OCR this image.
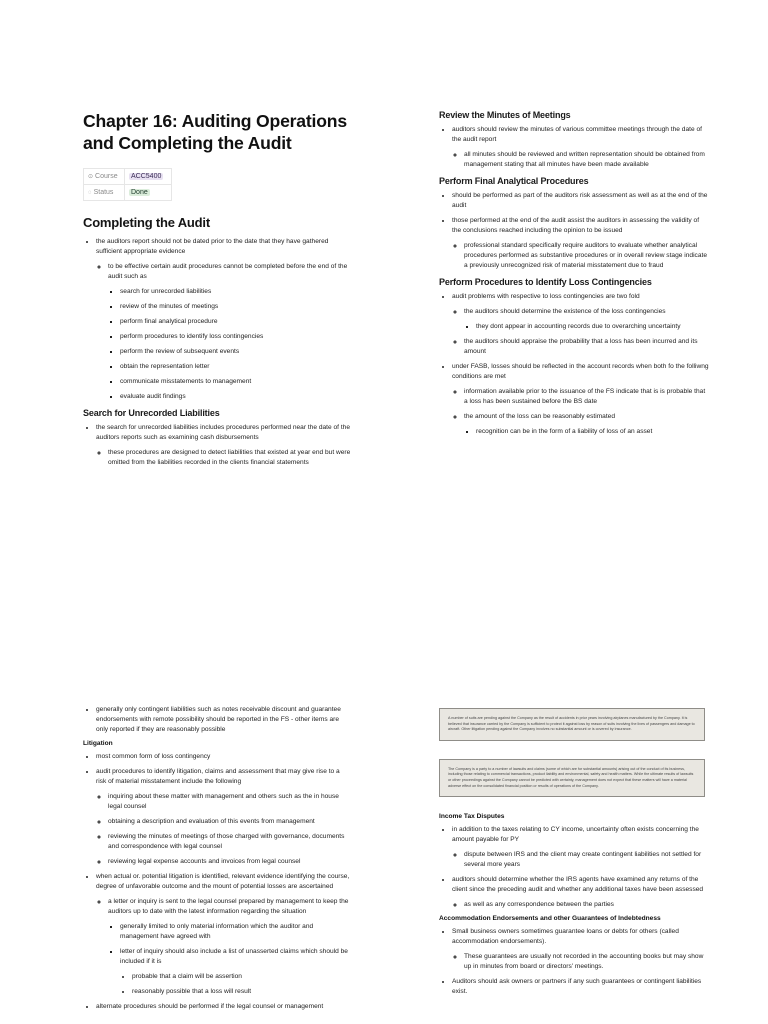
Chapter 16: Auditing Operations and Completing the Audit
⊙ Course	ACC5400
◌ Status	Done
Completing the Audit
• the auditors report should not be dated prior to the date that they have gathered sufficient appropriate evidence
◦ to be effective certain audit procedures cannot be completed before the end of the audit such as
▪ search for unrecorded liabilities
▪ review of the minutes of meetings
▪ perform final analytical procedure
▪ perform procedures to identify loss contingencies
▪ perform the review of subsequent events
▪ obtain the representation letter
▪ communicate misstatements to management
▪ evaluate audit findings
Search for Unrecorded Liabilities
• the search for unrecorded liabilities includes procedures performed near the date of the auditors reports such as examining cash disbursements
◦ these procedures are designed to detect liabilities that existed at year end but were omitted from the liabilities recorded in the clients financial statements
Review the Minutes of Meetings
• auditors should review the minutes of various committee meetings through the date of the audit report
◦ all minutes should be reviewed and written representation should be obtained from management stating that all minutes have been made available
Perform Final Analytical Procedures
• should be performed as part of the auditors risk assessment as well as at the end of the audit
• those performed at the end of the audit assist the auditors in assessing the validity of the conclusions reached including the opinion to be issued
◦ professional standard specifically require auditors to evaluate whether analytical procedures performed as substantive procedures or in overall review stage indicate a previously unrecognized risk of material misstatement due to fraud
Perform Procedures to Identify Loss Contingencies
• audit problems with respective to loss contingencies are two fold
◦ the auditors should determine the existence of the loss contingencies
▪ they dont appear in accounting records due to overarching uncertainty
◦ the auditors should appraise the probability that a loss has been incurred and its amount
• under FASB, losses should be reflected in the account records when both fo the folliwng conditions are met
◦ information available prior to the issuance of the FS indicate that is is probable that a loss has been sustained before the BS date
◦ the amount of the loss can be reasonably estimated
▪ recognition can be in the form of a liability of loss of an asset
• generally only contingent liabilities such as notes receivable discount and guarantee endorsements with remote possibility should be reported in the FS - other items are only reported if they are reasonably possible
Litigation
• most common form of loss contingency
• audit procedures to identify litigation, claims and assessment that may give rise to a risk of material misstatement include the following
◦ inquiring about these matter with management and others such as the in house legal counsel
◦ obtaining a description and evaluation of this events from management
◦ reviewing the minutes of meetings of those charged with governance, documents and correspondence with legal counsel
◦ reviewing legal expense accounts and invoices from legal counsel
• when actual or. potential litigation is identified, relevant evidence identifying the course, degree of unfavorable outcome and the mount of potential losses are ascertained
◦ a letter or inquiry is sent to the legal counsel prepared by management to keep the auditors up to date with the latest information regarding the situation
▪ generally limited to only material information which the auditor and management have agreed with
▪ letter of inquiry should also include a list of unasserted claims which should be included if it is
• probable that a claim will be assertion
• reasonably possible that a loss will result
• alternate procedures should be performed if the legal counsel or management
A number of suits are pending against the Company as the result of accidents in prior years involving airplanes manufactured by the Company. It is believed that insurance carried by the Company is sufficient to protect it against loss by reason of suits involving the lives of passengers and damage to aircraft. Other litigation pending against the Company involves no substantial amount or is covered by insurance.
The Company is a party to a number of lawsuits and claims (some of which are for substantial amounts) arising out of the conduct of its business, including those relating to commercial transactions, product liability and environmental, safety and health matters. While the ultimate results of lawsuits or other proceedings against the Company cannot be predicted with certainty, management does not expect that these matters will have a material adverse effect on the consolidated financial position or results of operations of the Company.
Income Tax Disputes
• in addition to the taxes relating to CY income, uncertainty often exists concerning the amount payable for PY
◦ dispute between IRS and the client may create contingent liabilities not settled for several more years
• auditors should determine whether the IRS agents have examined any returns of the client since the preceding audit and whether any additional taxes have been assessed
◦ as well as any correspondence between the parties
Accommodation Endorsements and other Guarantees of Indebtedness
• Small business owners sometimes guarantee loans or debts for others (called accommodation endorsements).
◦ These guarantees are usually not recorded in the accounting books but may show up in minutes from board or directors' meetings.
• Auditors should ask owners or partners if any such guarantees or contingent liabilities exist.
